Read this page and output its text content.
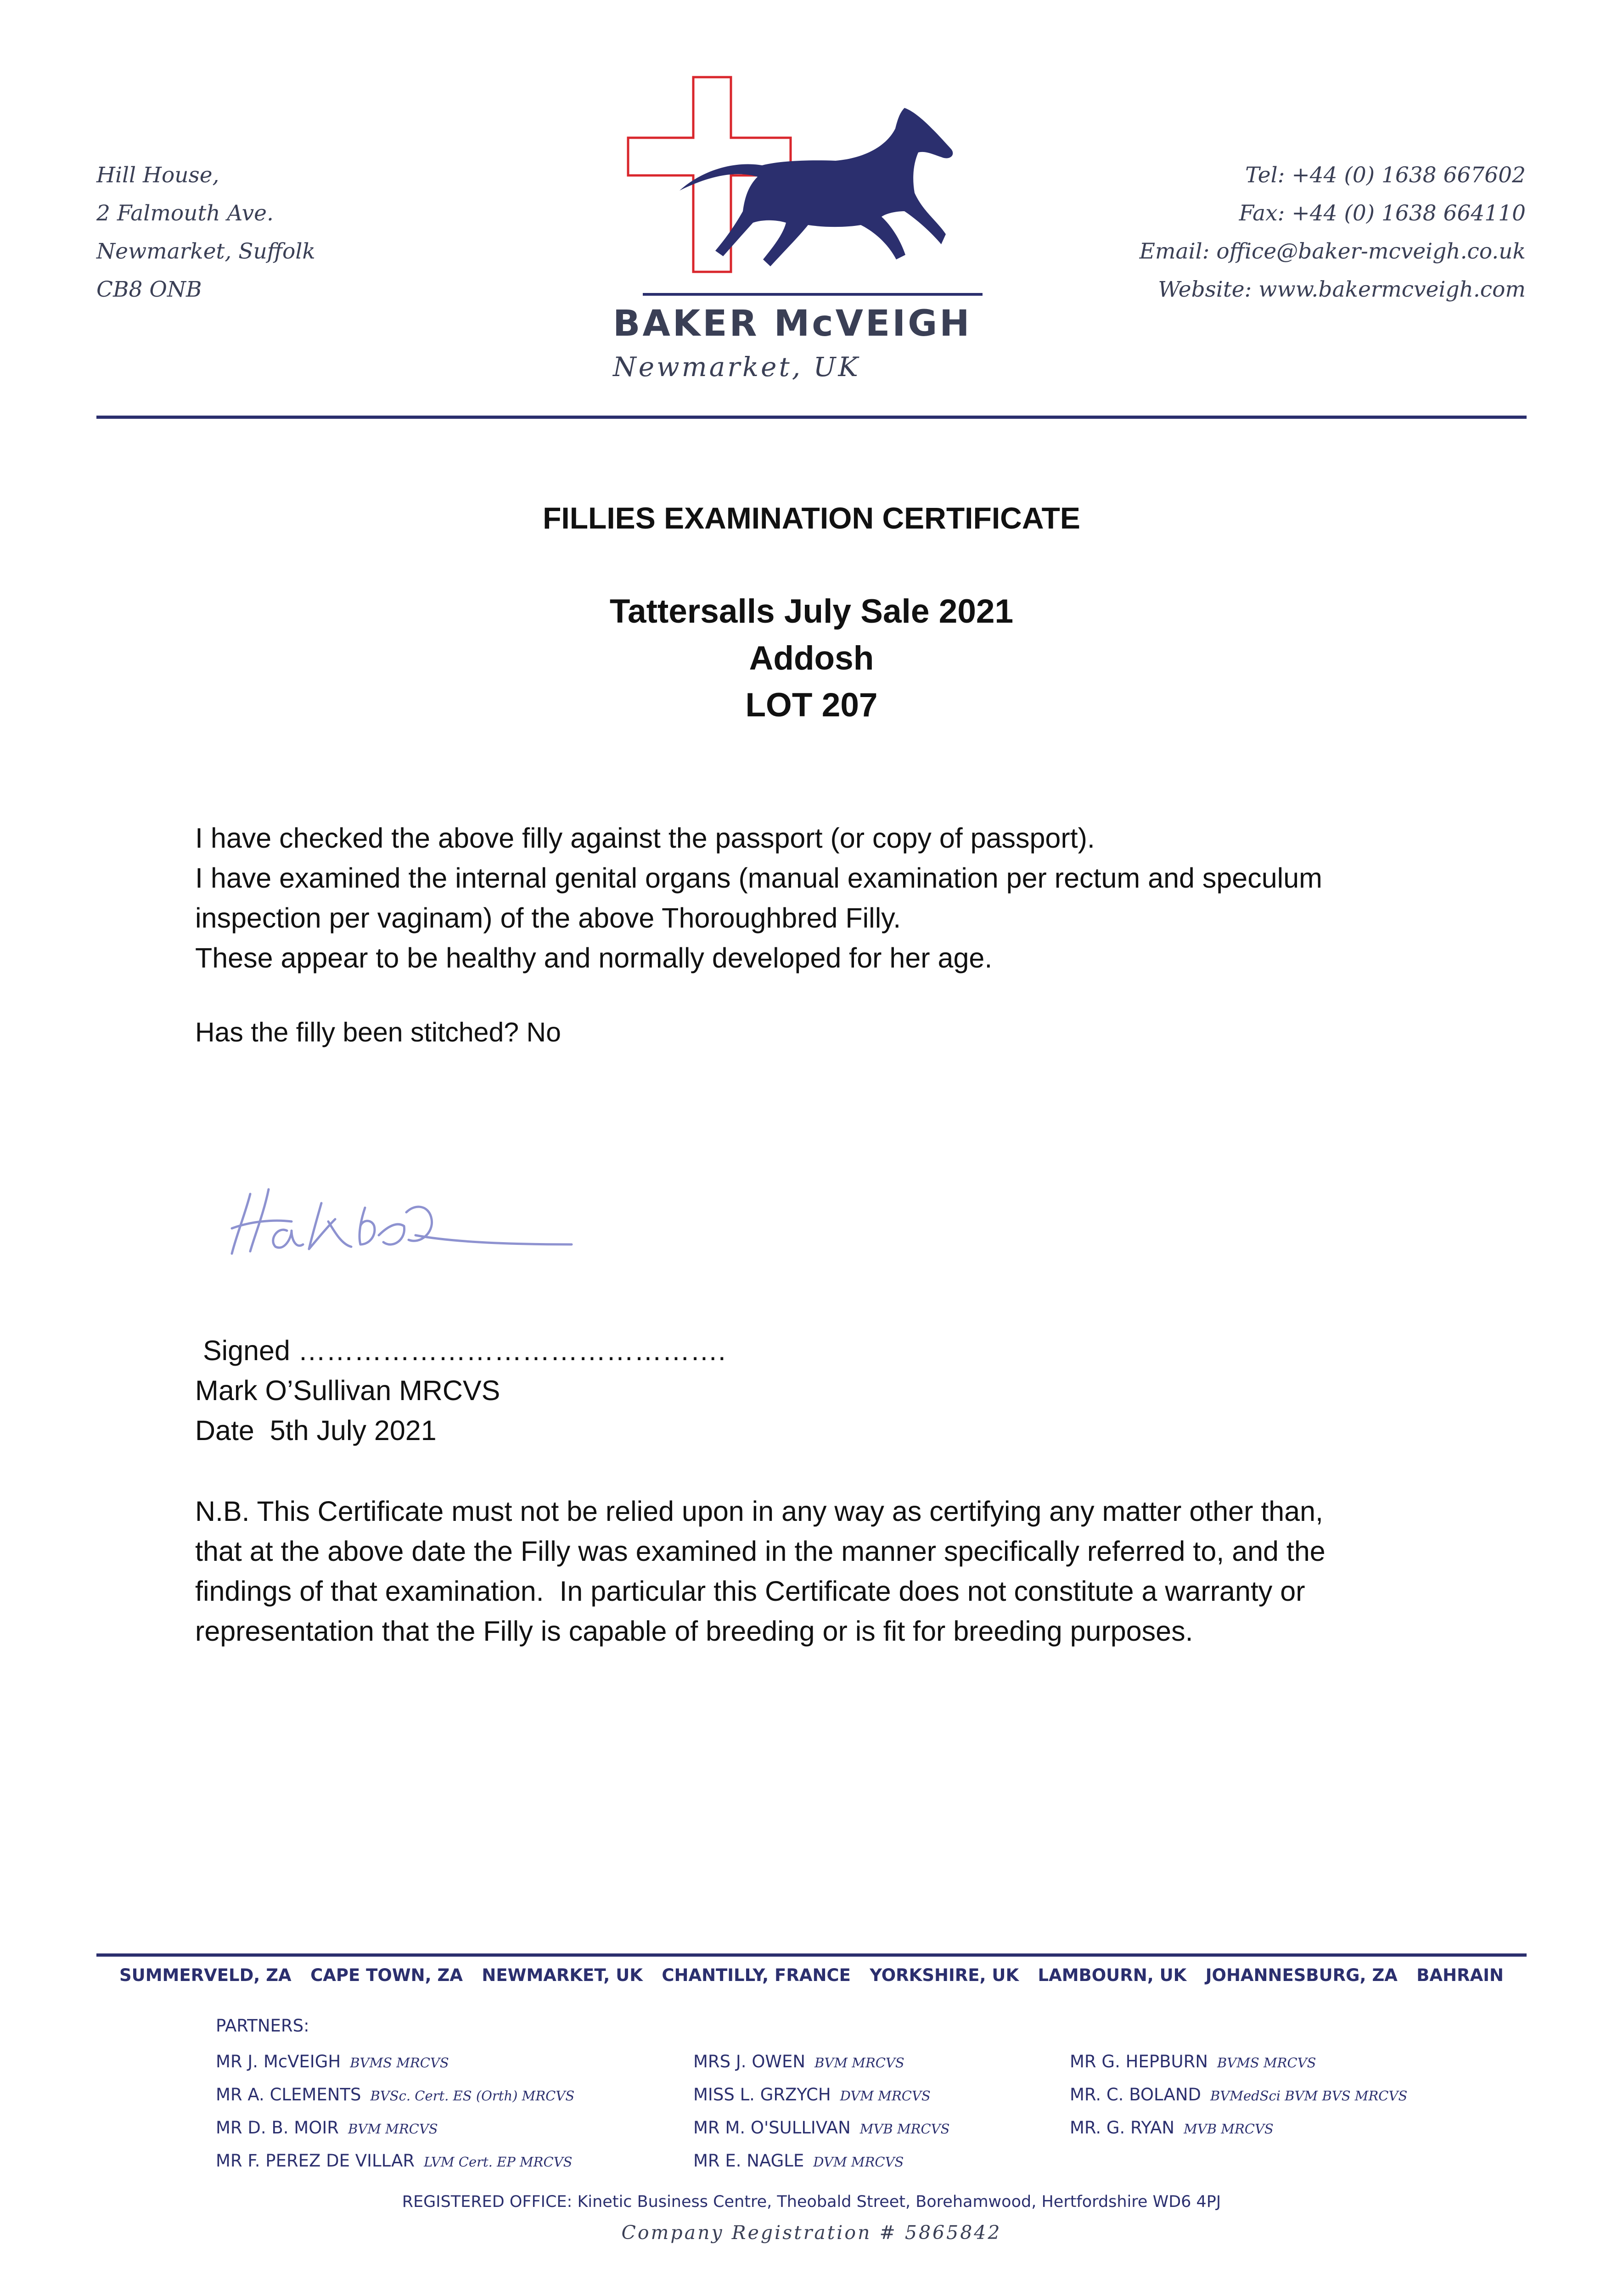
Hill House,

2 Falmouth Ave.

Newmarket, Suffolk

CB8 ONB

Tel: +44 (0) 1638 667602

Fax: +44 (0) 1638 664110

Email: office@baker-mcveigh.co.uk

Website: www.bakermcveigh.com

BAKER McVEIGH
Newmarket, UK
FILLIES EXAMINATION CERTIFICATE
Tattersalls July Sale 2021
Addosh
LOT 207

I have checked the above filly against the passport (or copy of passport).

I have examined the internal genital organs (manual examination per rectum and speculum

inspection per vaginam) of the above Thoroughbred Filly.

These appear to be healthy and normally developed for her age.

Has the filly been stitched? No

Signed ……………………………………….

Mark O’Sullivan MRCVS

Date  5th July 2021

N.B. This Certificate must not be relied upon in any way as certifying any matter other than,

that at the above date the Filly was examined in the manner specifically referred to, and the

findings of that examination.  In particular this Certificate does not constitute a warranty or

representation that the Filly is capable of breeding or is fit for breeding purposes.

SUMMERVELD, ZA CAPE TOWN, ZA NEWMARKET, UK CHANTILLY, FRANCE YORKSHIRE, UK LAMBOURN, UK JOHANNESBURG, ZA BAHRAIN
PARTNERS:
MR J. McVEIGH BVMS MRCVS
MR A. CLEMENTS BVSc. Cert. ES (Orth) MRCVS
MR D. B. MOIR BVM MRCVS
MR F. PEREZ DE VILLAR LVM Cert. EP MRCVS
MRS J. OWEN BVM MRCVS
MISS L. GRZYCH DVM MRCVS
MR M. O'SULLIVAN MVB MRCVS
MR E. NAGLE DVM MRCVS
MR G. HEPBURN BVMS MRCVS
MR. C. BOLAND BVMedSci BVM BVS MRCVS
MR. G. RYAN MVB MRCVS
REGISTERED OFFICE: Kinetic Business Centre, Theobald Street, Borehamwood, Hertfordshire WD6 4PJ
Company Registration # 5865842
